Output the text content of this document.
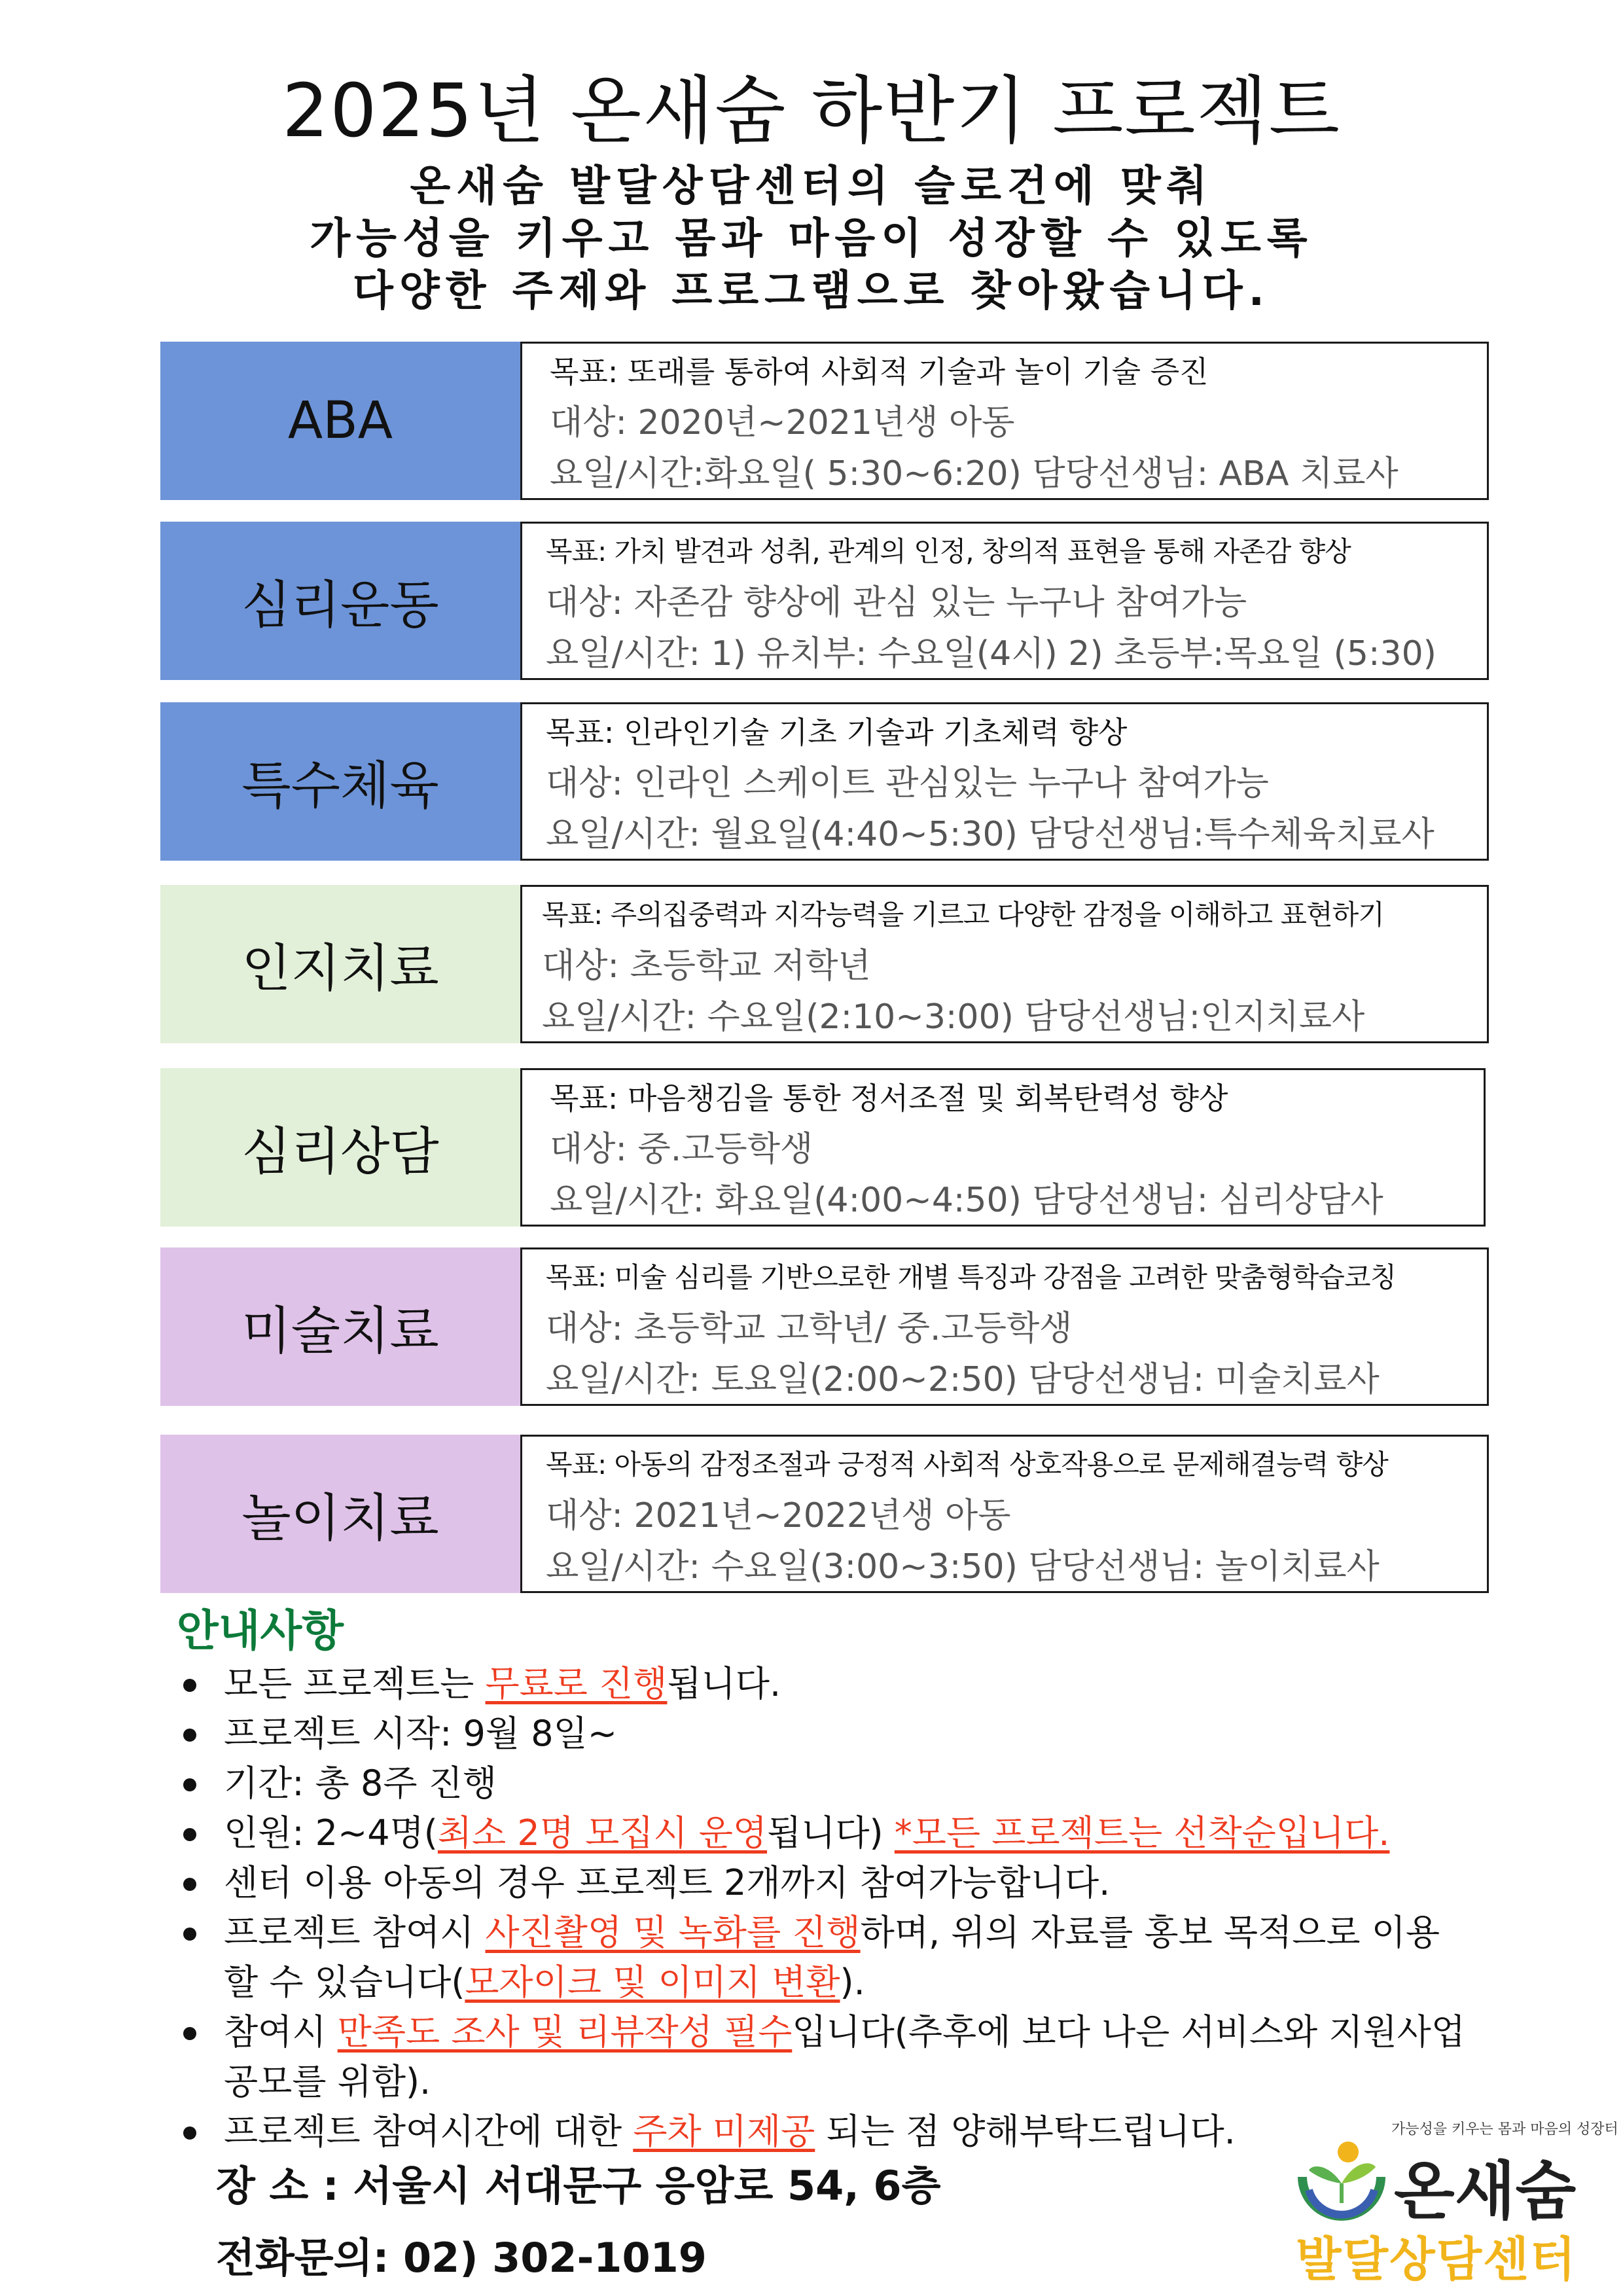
2025년 온새숨 하반기 프로젝트
온새숨 발달상담센터의 슬로건에 맞춰
가능성을 키우고 몸과 마음이 성장할 수 있도록
다양한 주제와 프로그램으로 찾아왔습니다.
ABA
목표: 또래를 통하여 사회적 기술과 놀이 기술 증진
대상: 2020년~2021년생 아동
요일/시간:화요일( 5:30~6:20) 담당선생님: ABA 치료사
심리운동
목표: 가치 발견과 성취, 관계의 인정, 창의적 표현을 통해 자존감 향상
대상: 자존감 향상에 관심 있는 누구나 참여가능
요일/시간: 1) 유치부: 수요일(4시) 2) 초등부:목요일 (5:30)
특수체육
목표: 인라인기술 기초 기술과 기초체력 향상
대상: 인라인 스케이트 관심있는 누구나 참여가능
요일/시간: 월요일(4:40~5:30) 담당선생님:특수체육치료사
인지치료
목표: 주의집중력과 지각능력을 기르고 다양한 감정을 이해하고 표현하기
대상: 초등학교 저학년
요일/시간: 수요일(2:10~3:00) 담당선생님:인지치료사
심리상담
목표: 마음챙김을 통한 정서조절 및 회복탄력성 향상
대상: 중.고등학생
요일/시간: 화요일(4:00~4:50) 담당선생님: 심리상담사
미술치료
목표: 미술 심리를 기반으로한 개별 특징과 강점을 고려한 맞춤형학습코칭
대상: 초등학교 고학년/ 중.고등학생
요일/시간: 토요일(2:00~2:50) 담당선생님: 미술치료사
놀이치료
목표: 아동의 감정조절과 긍정적 사회적 상호작용으로 문제해결능력 향상
대상: 2021년~2022년생 아동
요일/시간: 수요일(3:00~3:50) 담당선생님: 놀이치료사
안내사항
모든 프로젝트는 무료로 진행됩니다.
프로젝트 시작: 9월 8일~
기간: 총 8주 진행
인원: 2~4명(최소 2명 모집시 운영됩니다) *모든 프로젝트는 선착순입니다.
센터 이용 아동의 경우 프로젝트 2개까지 참여가능합니다.
프로젝트 참여시 사진촬영 및 녹화를 진행하며, 위의 자료를 홍보 목적으로 이용할 수 있습니다(모자이크 및 이미지 변환).
참여시 만족도 조사 및 리뷰작성 필수입니다(추후에 보다 나은 서비스와 지원사업 공모를 위함).
프로젝트 참여시간에 대한 주차 미제공 되는 점 양해부탁드립니다.
장 소 : 서울시 서대문구 응암로 54, 6층
전화문의: 02) 302-1019
가능성을 키우는 몸과 마음의 성장터
온새숨
발달상담센터
